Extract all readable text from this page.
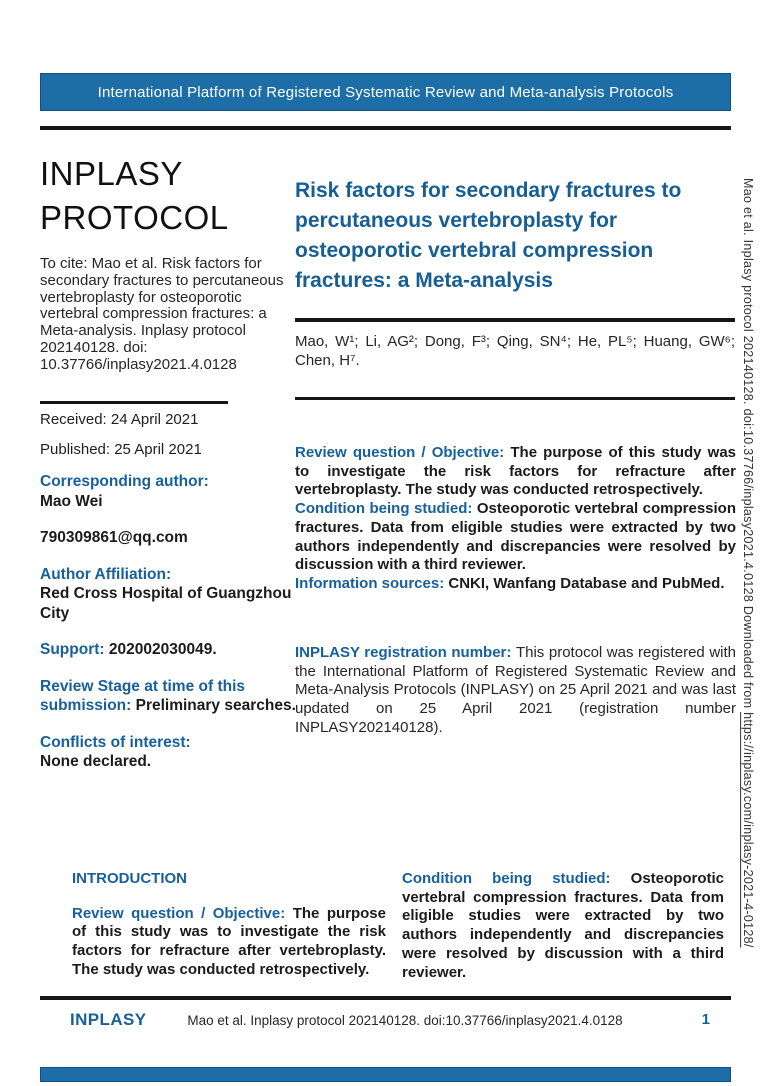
International Platform of Registered Systematic Review and Meta-analysis Protocols
INPLASY
PROTOCOL

To cite: Mao et al. Risk factors for secondary fractures to percutaneous vertebroplasty for osteoporotic vertebral compression fractures: a Meta-analysis. Inplasy protocol 202140128. doi: 10.37766/inplasy2021.4.0128

Received: 24 April 2021

Published: 25 April 2021

Corresponding author:
Mao Wei

790309861@qq.com

Author Affiliation:
Red Cross Hospital of Guangzhou City

Support: 202002030049.

Review Stage at time of this submission: Preliminary searches.

Conflicts of interest:
None declared.

Risk factors for secondary fractures to percutaneous vertebroplasty for osteoporotic vertebral compression fractures: a Meta-analysis

Mao, W¹; Li, AG²; Dong, F³; Qing, SN⁴; He, PL⁵; Huang, GW⁶; Chen, H⁷.

Review question / Objective: The purpose of this study was to investigate the risk factors for refracture after vertebroplasty. The study was conducted retrospectively.

Condition being studied: Osteoporotic vertebral compression fractures. Data from eligible studies were extracted by two authors independently and discrepancies were resolved by discussion with a third reviewer.

Information sources: CNKI, Wanfang Database and PubMed.

INPLASY registration number: This protocol was registered with the International Platform of Registered Systematic Review and Meta-Analysis Protocols (INPLASY) on 25 April 2021 and was last updated on 25 April 2021 (registration number INPLASY202140128).

INTRODUCTION

Review question / Objective: The purpose of this study was to investigate the risk factors for refracture after vertebroplasty. The study was conducted retrospectively.

Condition being studied: Osteoporotic vertebral compression fractures. Data from eligible studies were extracted by two authors independently and discrepancies were resolved by discussion with a third reviewer.

INPLASY	Mao et al. Inplasy protocol 202140128. doi:10.37766/inplasy2021.4.0128	1
Mao et al. Inplasy protocol 202140128. doi:10.37766/inplasy2021.4.0128 Downloaded from https://inplasy.com/inplasy-2021-4-0128/
